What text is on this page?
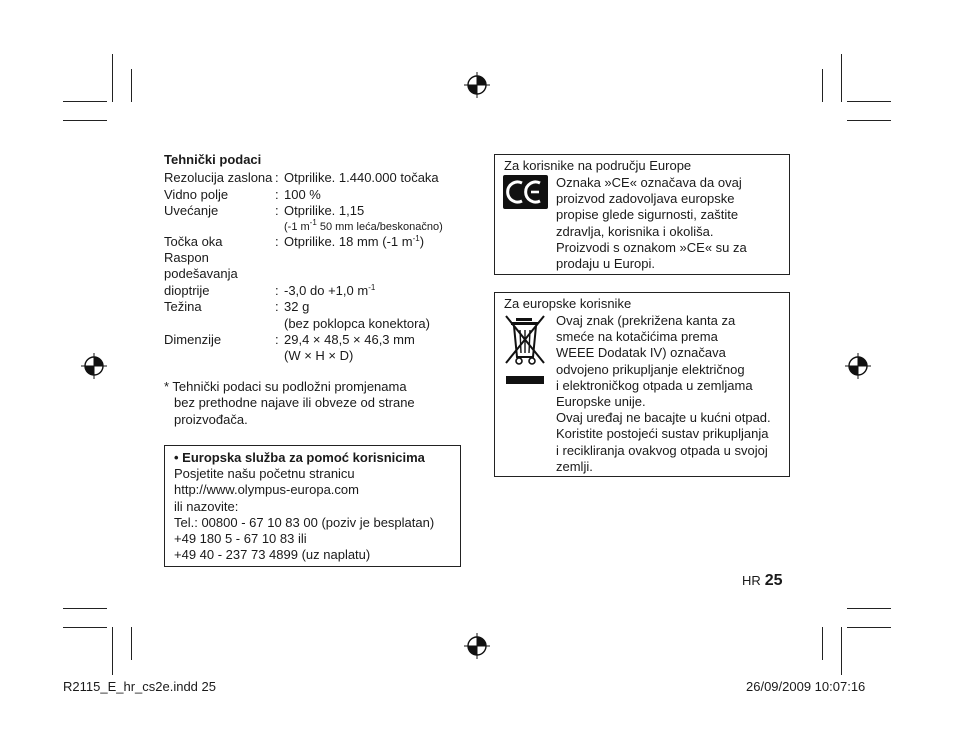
Tehnički podaci
Rezolucija zaslona : Otprilike. 1.440.000 točaka
Vidno polje	: 100 %
Uvećanje	: Otprilike. 1,15
(-1 $m^{-1}$ 50 mm leća/beskonačno)
Točka oka	: Otprilike. 18 mm (-1 $m^{-1}$)
Raspon
podešavanja
dioptrije	: -3,0 do +1,0 $m^{-1}$
Težina	: 32 g
(bez poklopca konektora)
Dimenzije	: 29,4 × 48,5 × 46,3 mm
(W × H × D)
* Tehnički podaci su podložni promjenama
bez prethodne najave ili obveze od strane
proizvođača.
• Europska služba za pomoć korisnicima
Posjetite našu početnu stranicu
http://www.olympus-europa.com
ili nazovite:
Tel.: 00800 - 67 10 83 00 (poziv je besplatan)
+49 180 5 - 67 10 83 ili
+49 40 - 237 73 4899 (uz naplatu)
Za korisnike na području Europe
Oznaka »CE« označava da ovaj
proizvod zadovoljava europske
propise glede sigurnosti, zaštite
zdravlja, korisnika i okoliša.
Proizvodi s oznakom »CE« su za
prodaju u Europi.
Za europske korisnike
Ovaj znak (prekrižena kanta za
smeće na kotačićima prema
WEEE Dodatak IV) označava
odvojeno prikupljanje električnog
i elektroničkog otpada u zemljama
Europske unije.
Ovaj uređaj ne bacajte u kućni otpad.
Koristite postojeći sustav prikupljanja
i recikliranja ovakvog otpada u svojoj
zemlji.
HR 25
R2115_E_hr_cs2e.indd 25	26/09/2009 10:07:16
